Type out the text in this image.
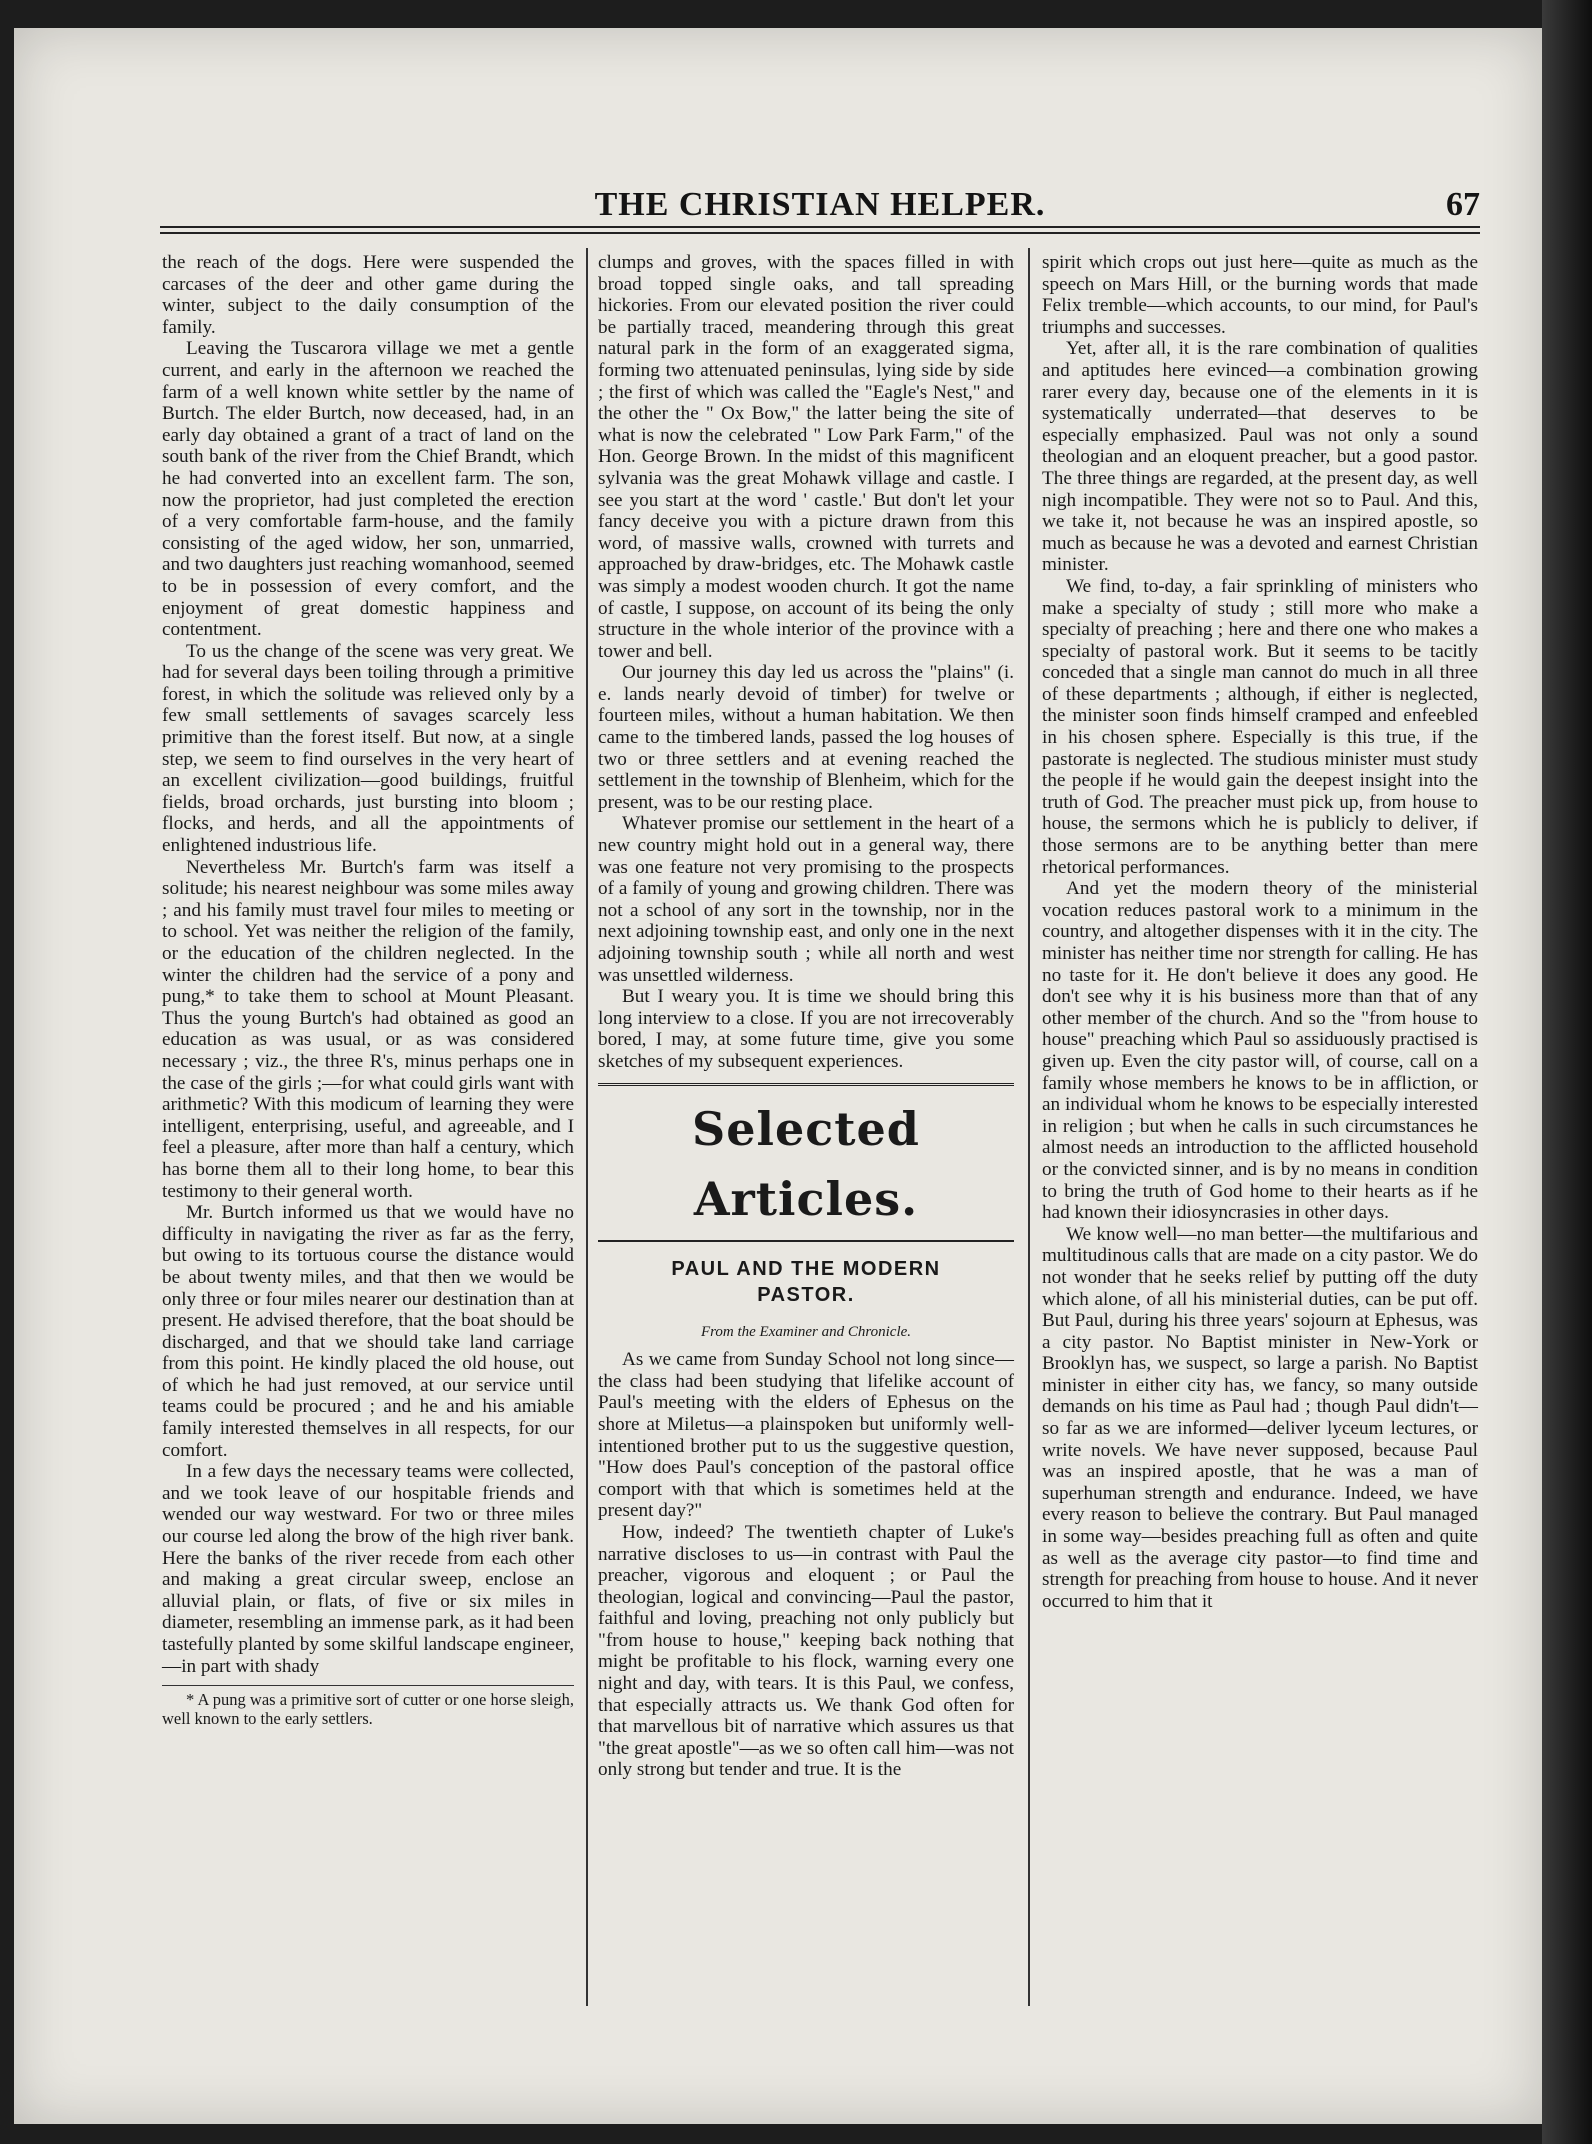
THE CHRISTIAN HELPER.	67

the reach of the dogs. Here were suspended the carcases of the deer and other game during the winter, subject to the daily consumption of the family.

Leaving the Tuscarora village we met a gentle current, and early in the afternoon we reached the farm of a well known white settler by the name of Burtch. The elder Burtch, now deceased, had, in an early day obtained a grant of a tract of land on the south bank of the river from the Chief Brandt, which he had converted into an excellent farm. The son, now the proprietor, had just completed the erection of a very comfortable farm-house, and the family consisting of the aged widow, her son, unmarried, and two daughters just reaching womanhood, seemed to be in possession of every comfort, and the enjoyment of great domestic happiness and contentment.

To us the change of the scene was very great. We had for several days been toiling through a primitive forest, in which the solitude was relieved only by a few small settlements of savages scarcely less primitive than the forest itself. But now, at a single step, we seem to find ourselves in the very heart of an excellent civilization—good buildings, fruitful fields, broad orchards, just bursting into bloom ; flocks, and herds, and all the appointments of enlightened industrious life.

Nevertheless Mr. Burtch's farm was itself a solitude; his nearest neighbour was some miles away ; and his family must travel four miles to meeting or to school. Yet was neither the religion of the family, or the education of the children neglected. In the winter the children had the service of a pony and pung,* to take them to school at Mount Pleasant. Thus the young Burtch's had obtained as good an education as was usual, or as was considered necessary ; viz., the three R's, minus perhaps one in the case of the girls ;—for what could girls want with arithmetic? With this modicum of learning they were intelligent, enterprising, useful, and agreeable, and I feel a pleasure, after more than half a century, which has borne them all to their long home, to bear this testimony to their general worth.

Mr. Burtch informed us that we would have no difficulty in navigating the river as far as the ferry, but owing to its tortuous course the distance would be about twenty miles, and that then we would be only three or four miles nearer our destination than at present. He advised therefore, that the boat should be discharged, and that we should take land carriage from this point. He kindly placed the old house, out of which he had just removed, at our service until teams could be procured ; and he and his amiable family interested themselves in all respects, for our comfort.

In a few days the necessary teams were collected, and we took leave of our hospitable friends and wended our way westward. For two or three miles our course led along the brow of the high river bank. Here the banks of the river recede from each other and making a great circular sweep, enclose an alluvial plain, or flats, of five or six miles in diameter, resembling an immense park, as it had been tastefully planted by some skilful landscape engineer,—in part with shady

* A pung was a primitive sort of cutter or one horse sleigh, well known to the early settlers.

clumps and groves, with the spaces filled in with broad topped single oaks, and tall spreading hickories. From our elevated position the river could be partially traced, meandering through this great natural park in the form of an exaggerated sigma, forming two attenuated peninsulas, lying side by side ; the first of which was called the "Eagle's Nest," and the other the " Ox Bow," the latter being the site of what is now the celebrated " Low Park Farm," of the Hon. George Brown. In the midst of this magnificent sylvania was the great Mohawk village and castle. I see you start at the word ' castle.' But don't let your fancy deceive you with a picture drawn from this word, of massive walls, crowned with turrets and approached by draw-bridges, etc. The Mohawk castle was simply a modest wooden church. It got the name of castle, I suppose, on account of its being the only structure in the whole interior of the province with a tower and bell.

Our journey this day led us across the "plains" (i. e. lands nearly devoid of timber) for twelve or fourteen miles, without a human habitation. We then came to the timbered lands, passed the log houses of two or three settlers and at evening reached the settlement in the township of Blenheim, which for the present, was to be our resting place.

Whatever promise our settlement in the heart of a new country might hold out in a general way, there was one feature not very promising to the prospects of a family of young and growing children. There was not a school of any sort in the township, nor in the next adjoining township east, and only one in the next adjoining township south ; while all north and west was unsettled wilderness.

But I weary you. It is time we should bring this long interview to a close. If you are not irrecoverably bored, I may, at some future time, give you some sketches of my subsequent experiences.

Selected Articles.
PAUL AND THE MODERN
PASTOR.
From the Examiner and Chronicle.

As we came from Sunday School not long since—the class had been studying that lifelike account of Paul's meeting with the elders of Ephesus on the shore at Miletus—a plainspoken but uniformly well-intentioned brother put to us the suggestive question, "How does Paul's conception of the pastoral office comport with that which is sometimes held at the present day?"

How, indeed? The twentieth chapter of Luke's narrative discloses to us—in contrast with Paul the preacher, vigorous and eloquent ; or Paul the theologian, logical and convincing—Paul the pastor, faithful and loving, preaching not only publicly but "from house to house," keeping back nothing that might be profitable to his flock, warning every one night and day, with tears. It is this Paul, we confess, that especially attracts us. We thank God often for that marvellous bit of narrative which assures us that "the great apostle"—as we so often call him—was not only strong but tender and true. It is the

spirit which crops out just here—quite as much as the speech on Mars Hill, or the burning words that made Felix tremble—which accounts, to our mind, for Paul's triumphs and successes.

Yet, after all, it is the rare combination of qualities and aptitudes here evinced—a combination growing rarer every day, because one of the elements in it is systematically underrated—that deserves to be especially emphasized. Paul was not only a sound theologian and an eloquent preacher, but a good pastor. The three things are regarded, at the present day, as well nigh incompatible. They were not so to Paul. And this, we take it, not because he was an inspired apostle, so much as because he was a devoted and earnest Christian minister.

We find, to-day, a fair sprinkling of ministers who make a specialty of study ; still more who make a specialty of preaching ; here and there one who makes a specialty of pastoral work. But it seems to be tacitly conceded that a single man cannot do much in all three of these departments ; although, if either is neglected, the minister soon finds himself cramped and enfeebled in his chosen sphere. Especially is this true, if the pastorate is neglected. The studious minister must study the people if he would gain the deepest insight into the truth of God. The preacher must pick up, from house to house, the sermons which he is publicly to deliver, if those sermons are to be anything better than mere rhetorical performances.

And yet the modern theory of the ministerial vocation reduces pastoral work to a minimum in the country, and altogether dispenses with it in the city. The minister has neither time nor strength for calling. He has no taste for it. He don't believe it does any good. He don't see why it is his business more than that of any other member of the church. And so the "from house to house" preaching which Paul so assiduously practised is given up. Even the city pastor will, of course, call on a family whose members he knows to be in affliction, or an individual whom he knows to be especially interested in religion ; but when he calls in such circumstances he almost needs an introduction to the afflicted household or the convicted sinner, and is by no means in condition to bring the truth of God home to their hearts as if he had known their idiosyncrasies in other days.

We know well—no man better—the multifarious and multitudinous calls that are made on a city pastor. We do not wonder that he seeks relief by putting off the duty which alone, of all his ministerial duties, can be put off. But Paul, during his three years' sojourn at Ephesus, was a city pastor. No Baptist minister in New-York or Brooklyn has, we suspect, so large a parish. No Baptist minister in either city has, we fancy, so many outside demands on his time as Paul had ; though Paul didn't—so far as we are informed—deliver lyceum lectures, or write novels. We have never supposed, because Paul was an inspired apostle, that he was a man of superhuman strength and endurance. Indeed, we have every reason to believe the contrary. But Paul managed in some way—besides preaching full as often and quite as well as the average city pastor—to find time and strength for preaching from house to house. And it never occurred to him that it
